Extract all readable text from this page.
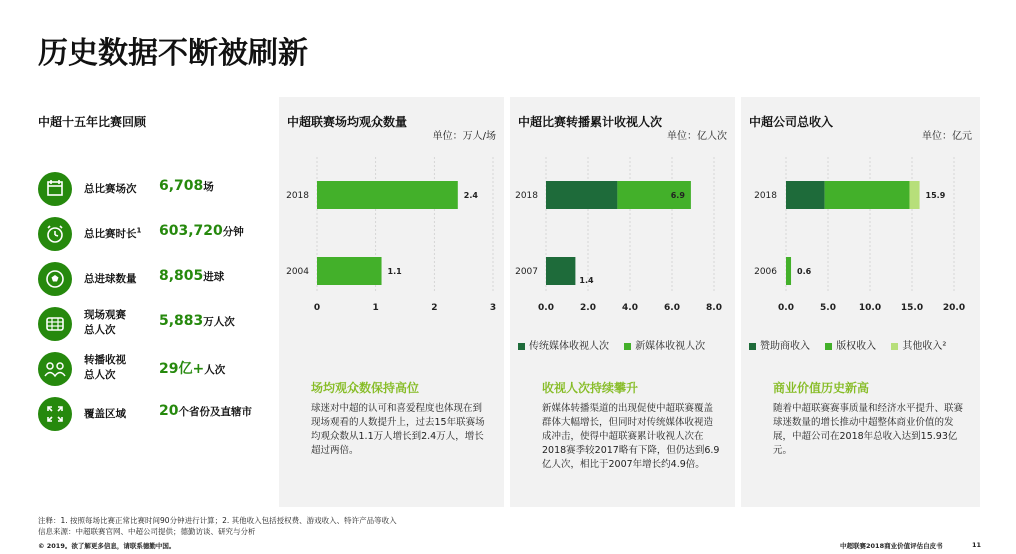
历史数据不断被刷新
中超十五年比赛回顾
总比赛场次 6,708场
总比赛时长$^1$ 603,720分钟
总进球数量 8,805进球
现场观赛
总人次
5,883万人次
转播收视
总人次	29亿+人次
覆盖区域 20个省份及直辖市
中超联赛场均观众数量
单位：万人/场
0	1	2	3
2018	2.4
2004	1.1
场均观众数保持高位
球迷对中超的认可和喜爱程度也体现在到现场观看的人数提升上，过去15年联赛场均观众数从1.1万人增长到2.4万人，增长超过两倍。
中超比赛转播累计收视人次
单位：亿人次
0.0	2.0	4.0	6.0	8.0
2018	6.9
2007
1.4
传统媒体收视人次	新媒体收视人次
收视人次持续攀升
新媒体转播渠道的出现促使中超联赛覆盖群体大幅增长，但同时对传统媒体收视造成冲击，使得中超联赛累计收视人次在2018赛季较2017略有下降，但仍达到6.9亿人次，相比于2007年增长约4.9倍。
中超公司总收入
单位：亿元
0.0	5.0	10.0 15.0 20.0
2018	15.9
2006	0.6
赞助商收入	版权收入	其他收入²
商业价值历史新高
随着中超联赛赛事质量和经济水平提升、联赛球迷数量的增长推动中超整体商业价值的发展，中超公司在2018年总收入达到15.93亿元。
注释：1. 按照每场比赛正常比赛时间90分钟进行计算；2. 其他收入包括授权费、游戏收入、特许产品等收入
信息来源：中超联赛官网、中超公司提供；德勤访谈、研究与分析
© 2019。欲了解更多信息，请联系德勤中国。	中超联赛2018商业价值评估白皮书	11
